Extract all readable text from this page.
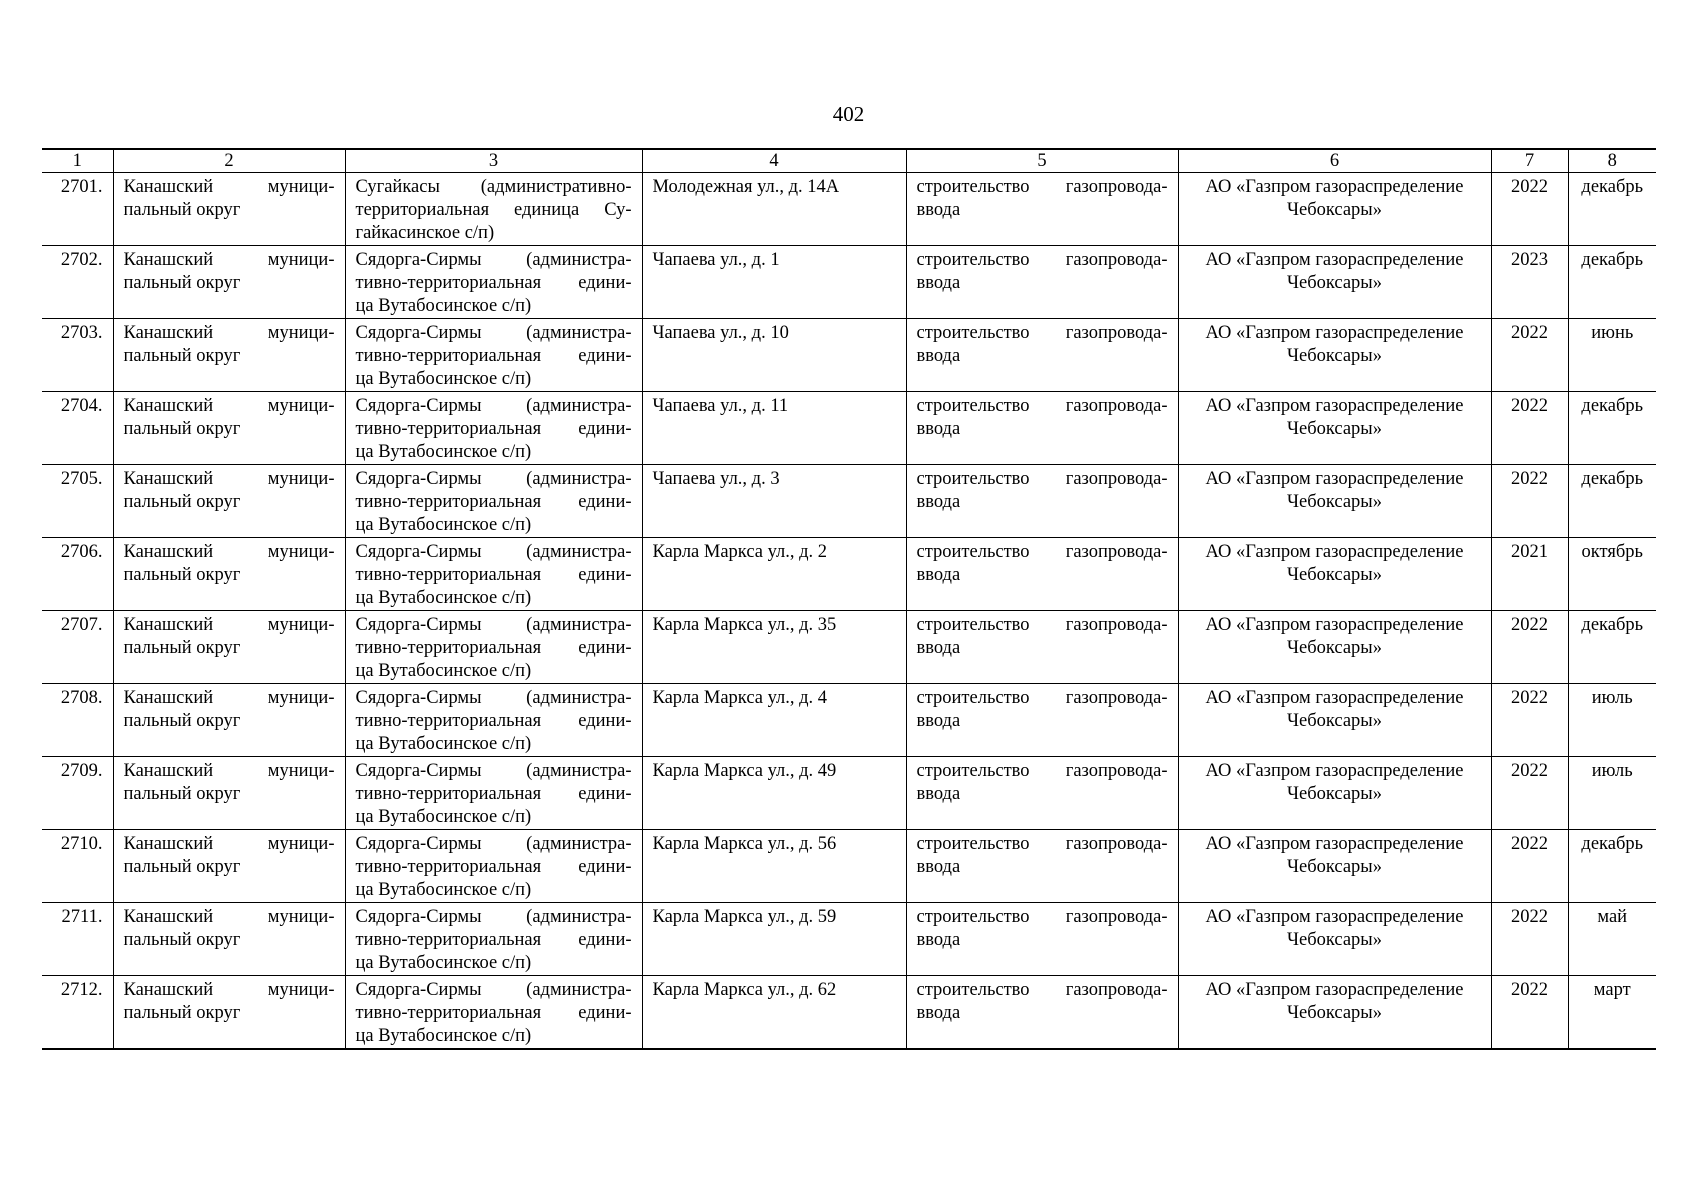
402
1	2	3	4	5	6	7	8
2701.	Канашский муници-
пальный округ	Сугайкасы (административно-
территориальная единица Су-
гайкасинское с/п)	Молодежная ул., д. 14А	строительство газопровода-
ввода	АО «Газпром газораспределение
Чебоксары»	2022	декабрь
2702.	Канашский муници-
пальный округ	Сядорга-Сирмы (администра-
тивно-территориальная едини-
ца Вутабосинское с/п)	Чапаева ул., д. 1	строительство газопровода-
ввода	АО «Газпром газораспределение
Чебоксары»	2023	декабрь
2703.	Канашский муници-
пальный округ	Сядорга-Сирмы (администра-
тивно-территориальная едини-
ца Вутабосинское с/п)	Чапаева ул., д. 10	строительство газопровода-
ввода	АО «Газпром газораспределение
Чебоксары»	2022	июнь
2704.	Канашский муници-
пальный округ	Сядорга-Сирмы (администра-
тивно-территориальная едини-
ца Вутабосинское с/п)	Чапаева ул., д. 11	строительство газопровода-
ввода	АО «Газпром газораспределение
Чебоксары»	2022	декабрь
2705.	Канашский муници-
пальный округ	Сядорга-Сирмы (администра-
тивно-территориальная едини-
ца Вутабосинское с/п)	Чапаева ул., д. 3	строительство газопровода-
ввода	АО «Газпром газораспределение
Чебоксары»	2022	декабрь
2706.	Канашский муници-
пальный округ	Сядорга-Сирмы (администра-
тивно-территориальная едини-
ца Вутабосинское с/п)	Карла Маркса ул., д. 2	строительство газопровода-
ввода	АО «Газпром газораспределение
Чебоксары»	2021	октябрь
2707.	Канашский муници-
пальный округ	Сядорга-Сирмы (администра-
тивно-территориальная едини-
ца Вутабосинское с/п)	Карла Маркса ул., д. 35	строительство газопровода-
ввода	АО «Газпром газораспределение
Чебоксары»	2022	декабрь
2708.	Канашский муници-
пальный округ	Сядорга-Сирмы (администра-
тивно-территориальная едини-
ца Вутабосинское с/п)	Карла Маркса ул., д. 4	строительство газопровода-
ввода	АО «Газпром газораспределение
Чебоксары»	2022	июль
2709.	Канашский муници-
пальный округ	Сядорга-Сирмы (администра-
тивно-территориальная едини-
ца Вутабосинское с/п)	Карла Маркса ул., д. 49	строительство газопровода-
ввода	АО «Газпром газораспределение
Чебоксары»	2022	июль
2710.	Канашский муници-
пальный округ	Сядорга-Сирмы (администра-
тивно-территориальная едини-
ца Вутабосинское с/п)	Карла Маркса ул., д. 56	строительство газопровода-
ввода	АО «Газпром газораспределение
Чебоксары»	2022	декабрь
2711.	Канашский муници-
пальный округ	Сядорга-Сирмы (администра-
тивно-территориальная едини-
ца Вутабосинское с/п)	Карла Маркса ул., д. 59	строительство газопровода-
ввода	АО «Газпром газораспределение
Чебоксары»	2022	май
2712.	Канашский муници-
пальный округ	Сядорга-Сирмы (администра-
тивно-территориальная едини-
ца Вутабосинское с/п)	Карла Маркса ул., д. 62	строительство газопровода-
ввода	АО «Газпром газораспределение
Чебоксары»	2022	март
